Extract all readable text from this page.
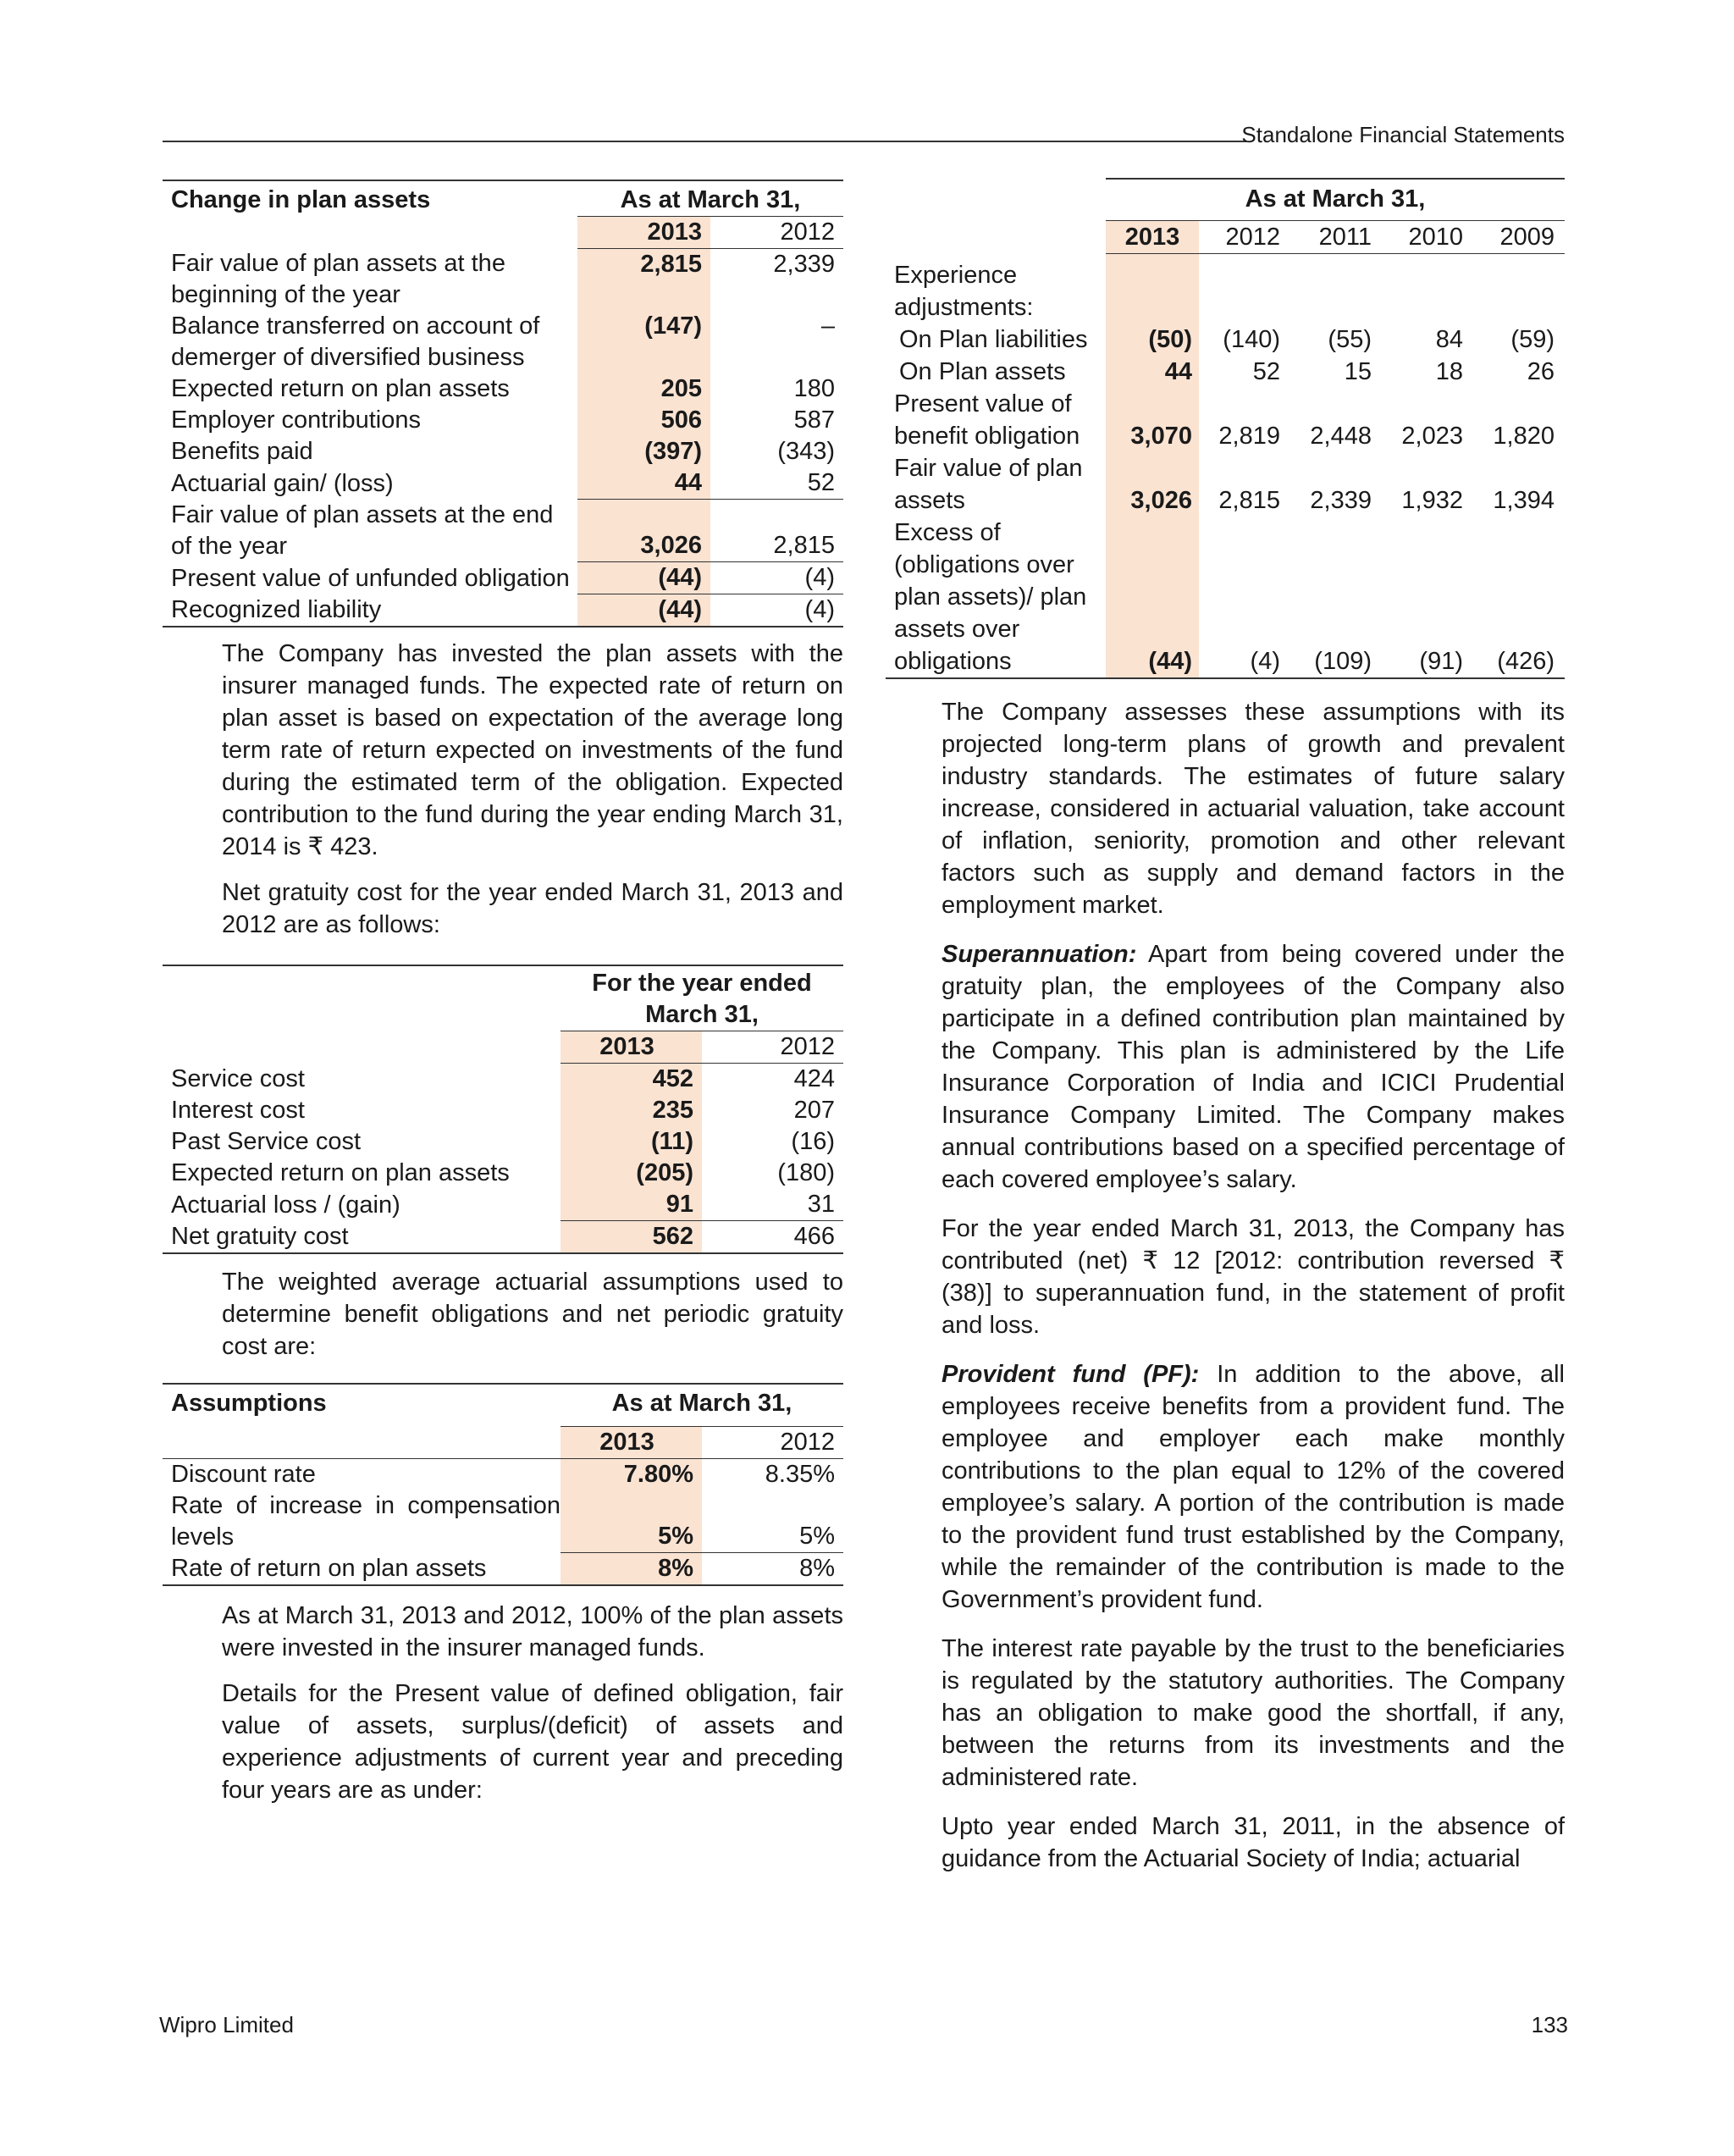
Standalone Financial Statements
Change in plan assets	As at March 31,	
	2013	2012
Fair value of plan assets at the beginning of the year	2,815	2,339
Balance transferred on account of demerger of diversified business	(147)	–
Expected return on plan assets	205	180
Employer contributions	506	587
Benefits paid	(397)	(343)
Actuarial gain/ (loss)	44	52
Fair value of plan assets at the end of the year	3,026	2,815
Present value of unfunded obligation	(44)	(4)
Recognized liability	(44)	(4)

The Company has invested the plan assets with the insurer managed funds. The expected rate of return on plan asset is based on expectation of the average long term rate of return expected on investments of the fund during the estimated term of the obligation. Expected contribution to the fund during the year ending March 31, 2014 is ₹ 423.

Net gratuity cost for the year ended March 31, 2013 and 2012 are as follows:

	For the year ended
March 31,	

	2013	2012
Service cost	452	424
Interest cost	235	207
Past Service cost	(11)	(16)
Expected return on plan assets	(205)	(180)
Actuarial loss / (gain)	91	31
Net gratuity cost	562	466

The weighted average actuarial assumptions used to determine benefit obligations and net periodic gratuity cost are:

Assumptions	As at March 31,	
	2013	2012
Discount rate	7.80%	8.35%
Rate of increase in compensation levels	5%	5%
Rate of return on plan assets	8%	8%

As at March 31, 2013 and 2012, 100% of the plan assets were invested in the insurer managed funds.

Details for the Present value of defined obligation, fair value of assets, surplus/(deficit) of assets and experience adjustments of current year and preceding four years are as under:

	As at March 31,				
	2013	2012	2011	2010	2009
Experience adjustments:					
On Plan liabilities	(50)	(140)	(55)	84	(59)
On Plan assets	44	52	15	18	26
Present value of benefit obligation	3,070	2,819	2,448	2,023	1,820
Fair value of plan assets	3,026	2,815	2,339	1,932	1,394
Excess of (obligations over plan assets)/ plan assets over obligations	(44)	(4)	(109)	(91)	(426)

The Company assesses these assumptions with its projected long-term plans of growth and prevalent industry standards. The estimates of future salary increase, considered in actuarial valuation, take account of inflation, seniority, promotion and other relevant factors such as supply and demand factors in the employment market.

Superannuation: Apart from being covered under the gratuity plan, the employees of the Company also participate in a defined contribution plan maintained by the Company. This plan is administered by the Life Insurance Corporation of India and ICICI Prudential Insurance Company Limited. The Company makes annual contributions based on a specified percentage of each covered employee’s salary.

For the year ended March 31, 2013, the Company has contributed (net) ₹ 12 [2012: contribution reversed ₹ (38)] to superannuation fund, in the statement of profit and loss.

Provident fund (PF): In addition to the above, all employees receive benefits from a provident fund. The employee and employer each make monthly contributions to the plan equal to 12% of the covered employee’s salary. A portion of the contribution is made to the provident fund trust established by the Company, while the remainder of the contribution is made to the Government’s provident fund.

The interest rate payable by the trust to the beneficiaries is regulated by the statutory authorities. The Company has an obligation to make good the shortfall, if any, between the returns from its investments and the administered rate.

Upto year ended March 31, 2011, in the absence of guidance from the Actuarial Society of India; actuarial

Wipro Limited	133
